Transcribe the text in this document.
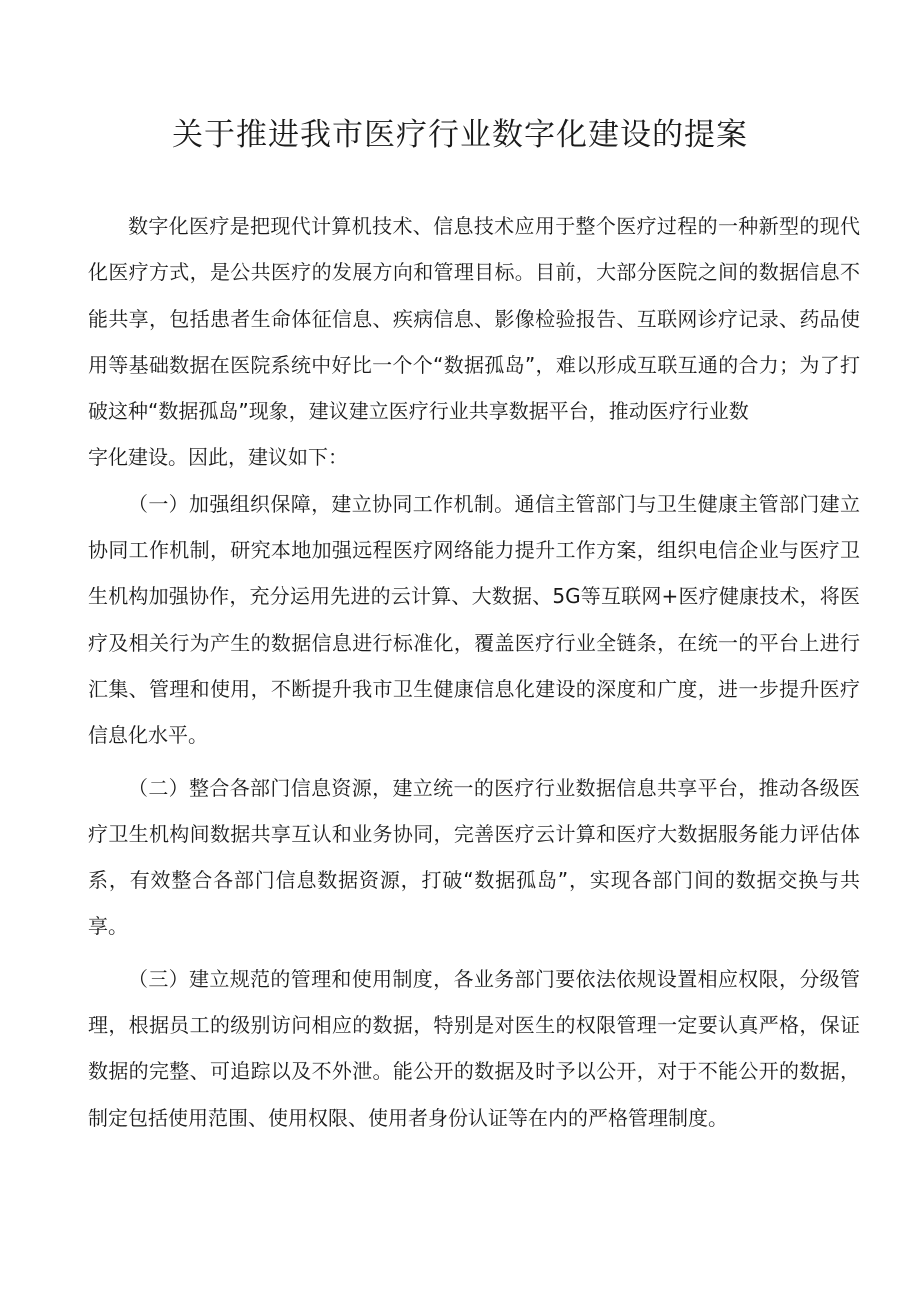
关于推进我市医疗行业数字化建设的提案

数字化医疗是把现代计算机技术、信息技术应用于整个医疗过程的一种新型的现代化医疗方式，是公共医疗的发展方向和管理目标。目前，大部分医院之间的数据信息不能共享，包括患者生命体征信息、疾病信息、影像检验报告、互联网诊疗记录、药品使用等基础数据在医院系统中好比一个个“数据孤岛”，难以形成互联互通的合力；为了打破这种“数据孤岛”现象，建议建立医疗行业共享数据平台，推动医疗行业数

字化建设。因此，建议如下：

（一）加强组织保障，建立协同工作机制。通信主管部门与卫生健康主管部门建立协同工作机制，研究本地加强远程医疗网络能力提升工作方案，组织电信企业与医疗卫生机构加强协作，充分运用先进的云计算、大数据、5G等互联网+医疗健康技术，将医疗及相关行为产生的数据信息进行标准化，覆盖医疗行业全链条，在统一的平台上进行汇集、管理和使用，不断提升我市卫生健康信息化建设的深度和广度，进一步提升医疗信息化水平。

（二）整合各部门信息资源，建立统一的医疗行业数据信息共享平台，推动各级医疗卫生机构间数据共享互认和业务协同，完善医疗云计算和医疗大数据服务能力评估体系，有效整合各部门信息数据资源，打破“数据孤岛”，实现各部门间的数据交换与共享。

（三）建立规范的管理和使用制度，各业务部门要依法依规设置相应权限，分级管理，根据员工的级别访问相应的数据，特别是对医生的权限管理一定要认真严格，保证数据的完整、可追踪以及不外泄。能公开的数据及时予以公开，对于不能公开的数据，制定包括使用范围、使用权限、使用者身份认证等在内的严格管理制度。
